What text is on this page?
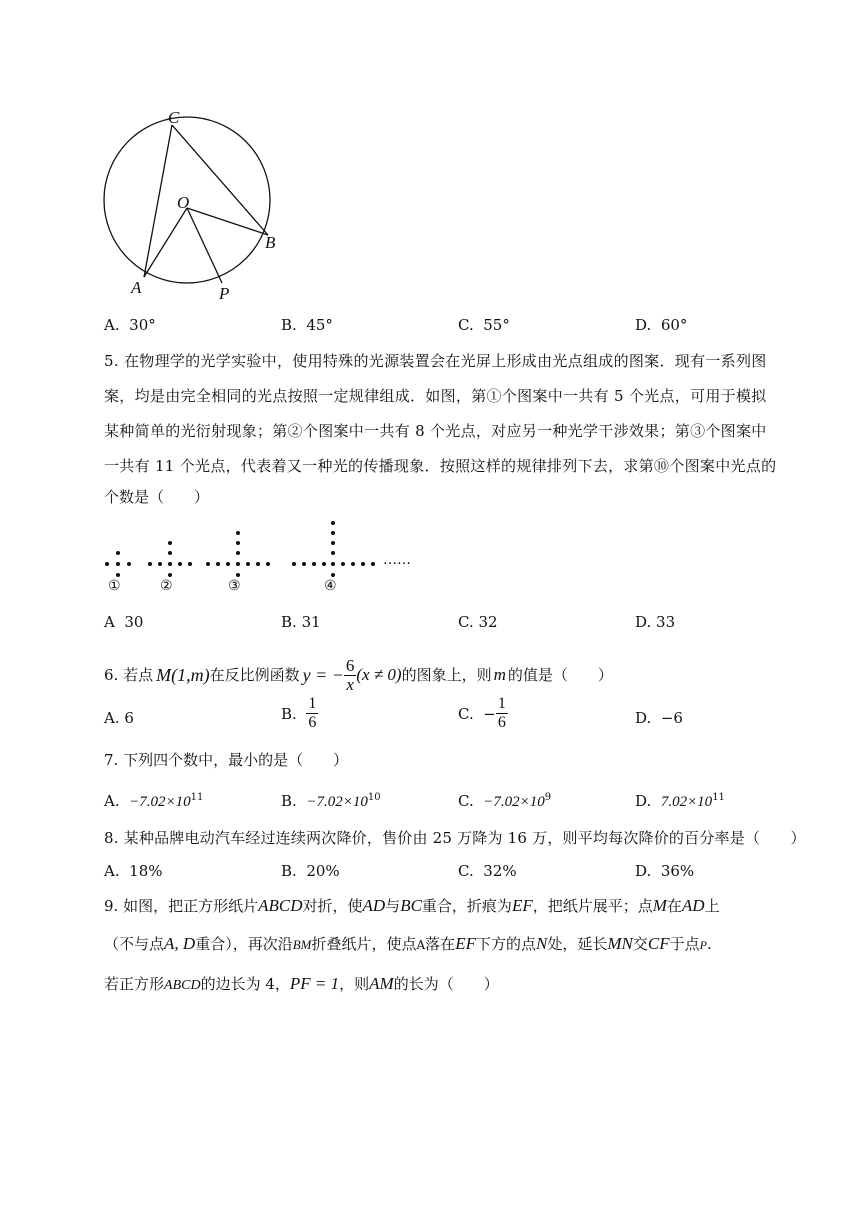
C
O
B
A	P
A. 30°	B. 45°	C. 55°	D. 60°
5. 在物理学的光学实验中，使用特殊的光源装置会在光屏上形成由光点组成的图案．现有一系列图
案，均是由完全相同的光点按照一定规律组成．如图，第①个图案中一共有 5 个光点，可用于模拟
某种简单的光衍射现象；第②个图案中一共有 8 个光点，对应另一种光学干涉效果；第③个图案中
一共有 11 个光点，代表着又一种光的传播现象．按照这样的规律排列下去，求第⑩个图案中光点的
个数是（　　）
……
①	②	③	④
A 30	B. 31	C. 32	D. 33
6. 若点 M(1,m) 在反比例函数 y = − $\frac{6}{x} (x \ne 0)$ 的图象上，则 m 的值是（　　）
A. 6	B.
$\frac{1}{6}$	C.
− $\frac{1}{6}$	D. −6
7. 下列四个数中，最小的是（　　）
A. $-7.02\times 10^{11}$	B. $-7.02\times 10^{10}$	C. $-7.02\times 10^9$	D. $7.02\times 10^{11}$
8. 某种品牌电动汽车经过连续两次降价，售价由 25 万降为 16 万，则平均每次降价的百分率是（　　）
A. 18%	B. 20%	C. 32%	D. 36%
9. 如图，把正方形纸片ABCD对折，使AD与BC重合，折痕为EF，把纸片展平；点M在AD上
（不与点A, D重合），再次沿BM折叠纸片，使点A落在EF下方的点N处，延长MN交CF于点P.
若正方形ABCD的边长为 4，PF = 1，则AM的长为（　　）
